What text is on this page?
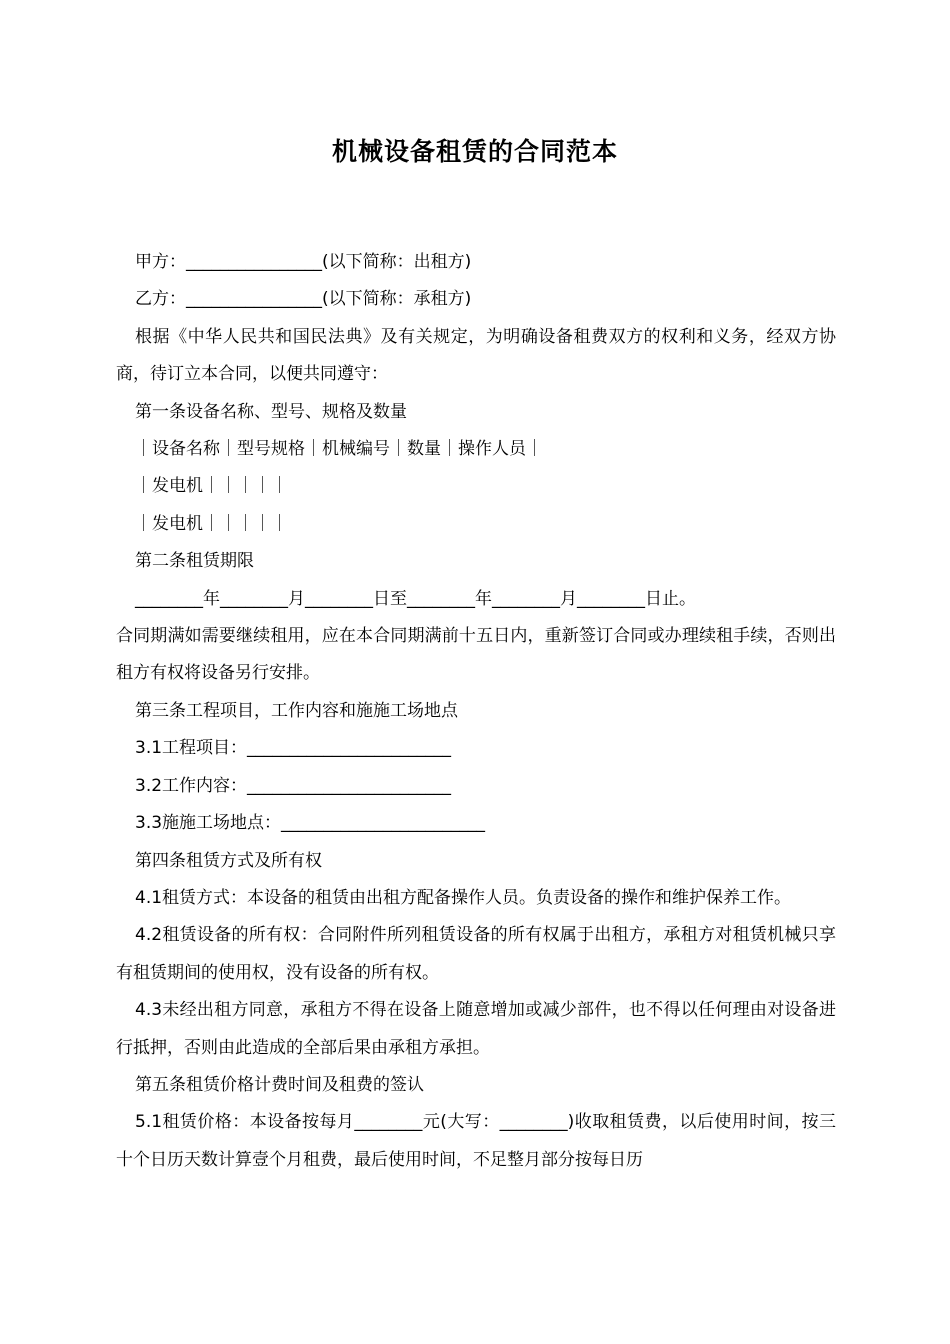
机械设备租赁的合同范本

甲方：________________(以下简称：出租方)

乙方：________________(以下简称：承租方)

根据《中华人民共和国民法典》及有关规定，为明确设备租费双方的权利和义务，经双方协商，待订立本合同，以便共同遵守：

第一条设备名称、型号、规格及数量

｜设备名称｜型号规格｜机械编号｜数量｜操作人员｜

｜发电机｜｜｜｜｜

｜发电机｜｜｜｜｜

第二条租赁期限

________年________月________日至________年________月________日止。

合同期满如需要继续租用，应在本合同期满前十五日内，重新签订合同或办理续租手续，否则出租方有权将设备另行安排。

第三条工程项目，工作内容和施施工场地点

3.1工程项目：________________________

3.2工作内容：________________________

3.3施施工场地点：________________________

第四条租赁方式及所有权

4.1租赁方式：本设备的租赁由出租方配备操作人员。负责设备的操作和维护保养工作。

4.2租赁设备的所有权：合同附件所列租赁设备的所有权属于出租方，承租方对租赁机械只享有租赁期间的使用权，没有设备的所有权。

4.3未经出租方同意，承租方不得在设备上随意增加或减少部件，也不得以任何理由对设备进行抵押，否则由此造成的全部后果由承租方承担。

第五条租赁价格计费时间及租费的签认

5.1租赁价格：本设备按每月________元(大写：________)收取租赁费，以后使用时间，按三十个日历天数计算壹个月租费，最后使用时间，不足整月部分按每日历
